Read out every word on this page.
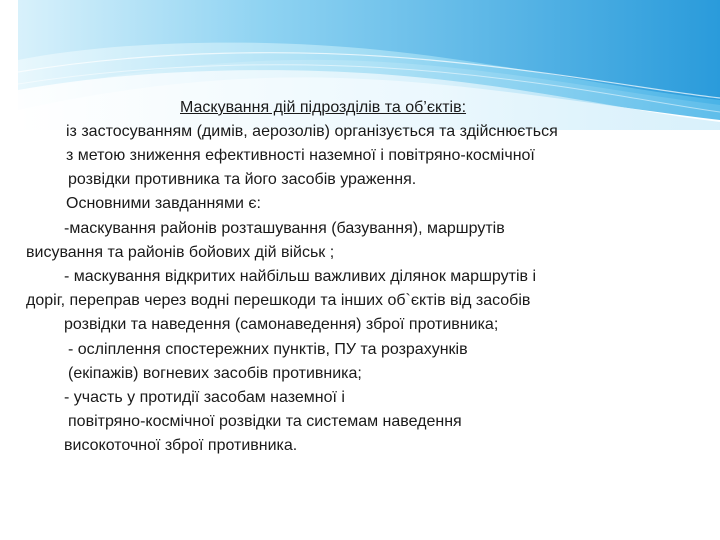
Маскування дій підрозділів та об’єктів:
із застосуванням (димів, аерозолів) організується та здійснюється
з метою зниження ефективності наземної і повітряно-космічної
розвідки противника та його засобів ураження.
Основними завданнями є:
-маскування районів розташування (базування), маршрутів
висування та районів бойових дій військ ;
- маскування відкритих найбільш важливих ділянок маршрутів і
доріг, переправ через водні перешкоди та інших об`єктів від засобів
розвідки та наведення (самонаведення) зброї противника;
- осліплення спостережних пунктів, ПУ та розрахунків
(екіпажів) вогневих засобів противника;
- участь у протидії засобам наземної і
повітряно-космічної розвідки та системам наведення
високоточної зброї противника.
